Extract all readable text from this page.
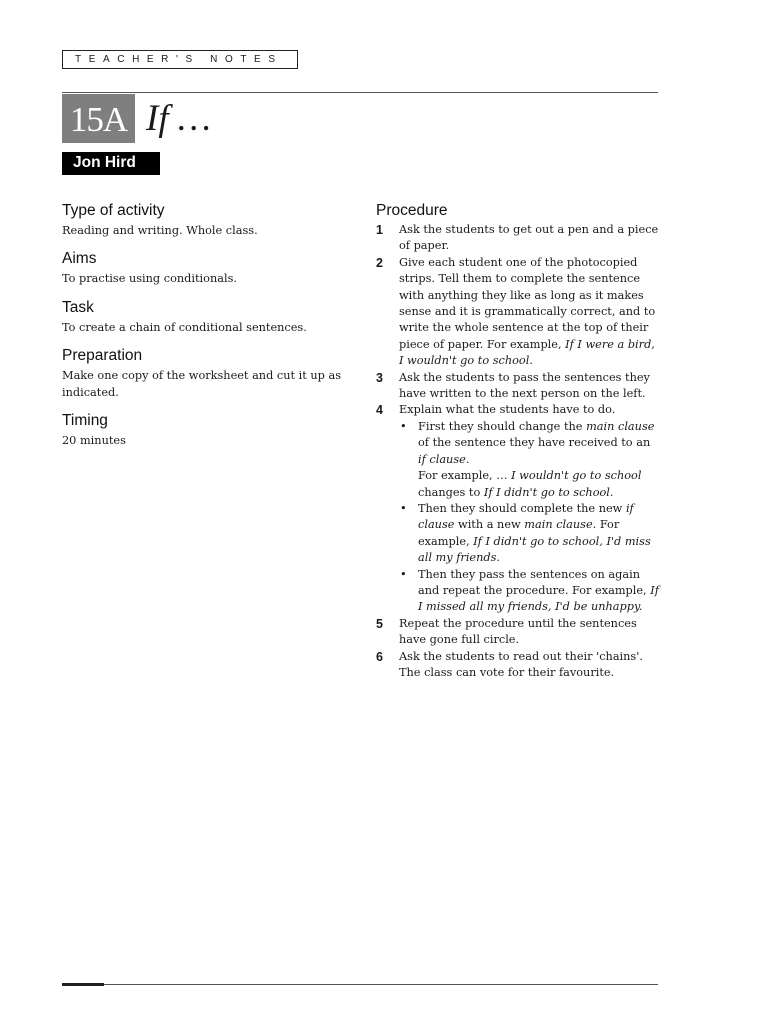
TEACHER'S NOTES
15A If …
Jon Hird
Type of activity

Reading and writing. Whole class.

Aims

To practise using conditionals.

Task

To create a chain of conditional sentences.

Preparation

Make one copy of the worksheet and cut it up as indicated.

Timing

20 minutes

Procedure
1	Ask the students to get out a pen and a piece of paper.
2	Give each student one of the photocopied strips. Tell them to complete the sentence with anything they like as long as it makes sense and it is grammatically correct, and to write the whole sentence at the top of their piece of paper. For example, If I were a bird, I wouldn't go to school.
3	Ask the students to pass the sentences they have written to the next person on the left.
4	Explain what the students have to do.
•	First they should change the main clause of the sentence they have received to an if clause.
For example, … I wouldn't go to school
changes to If I didn't go to school.
•	Then they should complete the new if clause with a new main clause. For example, If I didn't go to school, I'd miss all my friends.
•	Then they pass the sentences on again and repeat the procedure. For example, If I missed all my friends, I'd be unhappy.
5	Repeat the procedure until the sentences have gone full circle.
6	Ask the students to read out their 'chains'. The class can vote for their favourite.
